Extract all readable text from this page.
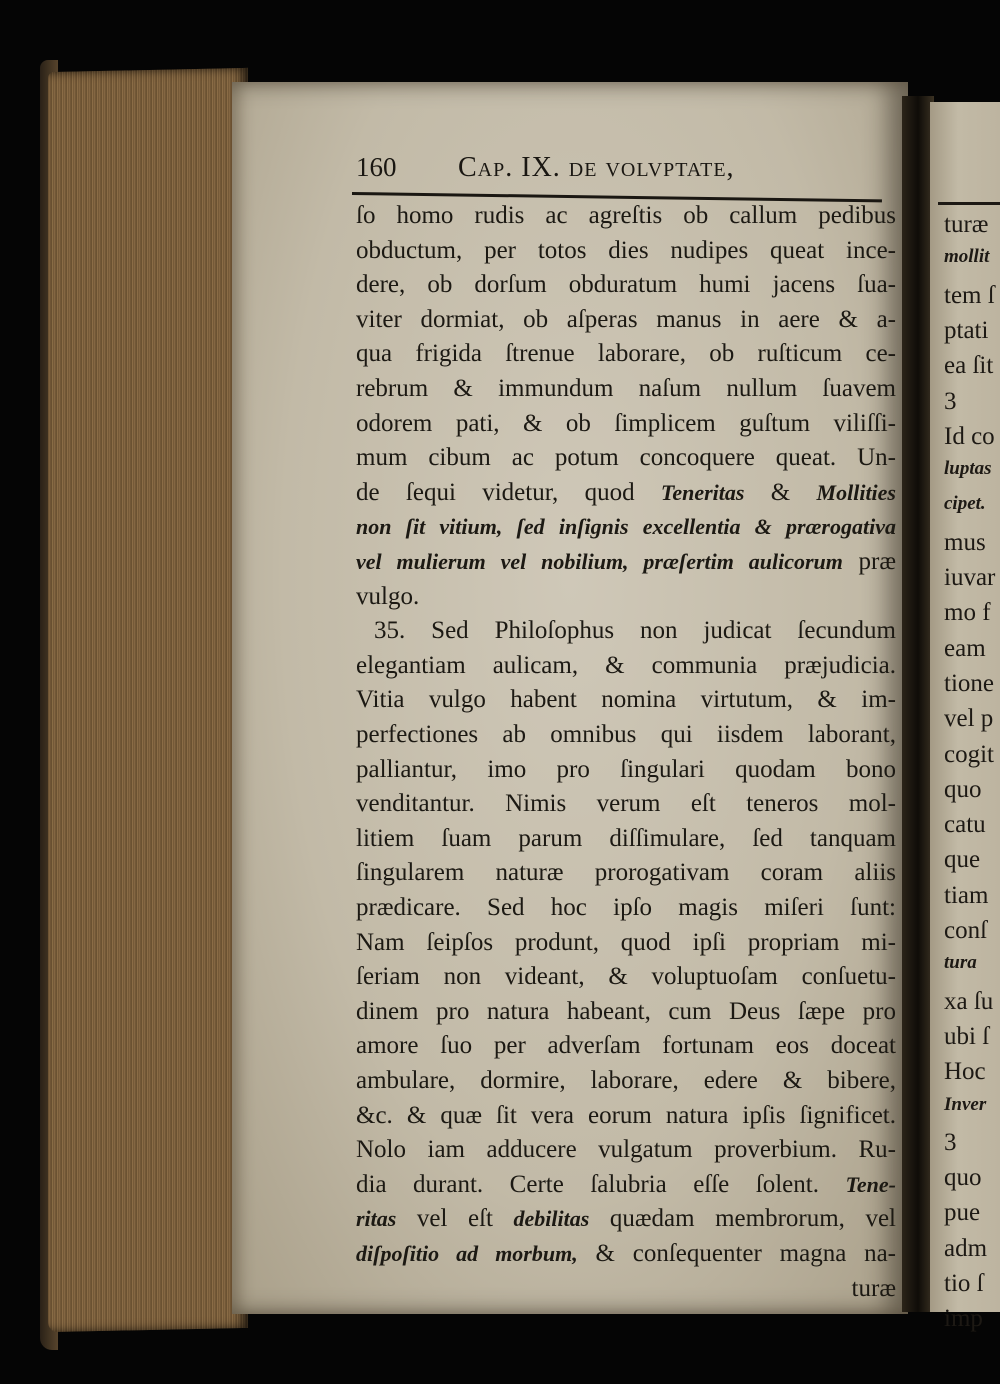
160 Cap. IX. de volvptate,
ſo homo rudis ac agreſtis ob callum pedibus
obductum, per totos dies nudipes queat ince-
dere, ob dorſum obduratum humi jacens ſua-
viter dormiat, ob aſperas manus in aere & a-
qua frigida ſtrenue laborare, ob ruſticum ce-
rebrum & immundum naſum nullum ſuavem
odorem pati, & ob ſimplicem guſtum viliſſi-
mum cibum ac potum concoquere queat. Un-
de ſequi videtur, quod Teneritas & Mollities
non ſit vitium, ſed inſignis excellentia & prærogativa
vel mulierum vel nobilium, præſertim aulicorum præ
vulgo.
35. Sed Philoſophus non judicat ſecundum
elegantiam aulicam, & communia præjudicia.
Vitia vulgo habent nomina virtutum, & im-
perfectiones ab omnibus qui iisdem laborant,
palliantur, imo pro ſingulari quodam bono
venditantur. Nimis verum eſt teneros mol-
litiem ſuam parum diſſimulare, ſed tanquam
ſingularem naturæ prorogativam coram aliis
prædicare. Sed hoc ipſo magis miſeri ſunt:
Nam ſeipſos produnt, quod ipſi propriam mi-
ſeriam non videant, & voluptuoſam conſuetu-
dinem pro natura habeant, cum Deus ſæpe pro
amore ſuo per adverſam fortunam eos doceat
ambulare, dormire, laborare, edere & bibere,
&c. & quæ ſit vera eorum natura ipſis ſignificet.
Nolo iam adducere vulgatum proverbium. Ru-
dia durant. Certe ſalubria eſſe ſolent. Tene-
ritas vel eſt debilitas quædam membrorum, vel
diſpoſitio ad morbum, & conſequenter magna na-
turæ
turæ
mollit
tem ſ
ptati
ea ſit
3
Id co
luptas
cipet.
mus
iuvar
mo f
eam
tione
vel p
cogit
quo
catu
que
tiam
conſ
tura
xa ſu
ubi ſ
Hoc
Inver
3
quo
pue
adm
tio ſ
imp
